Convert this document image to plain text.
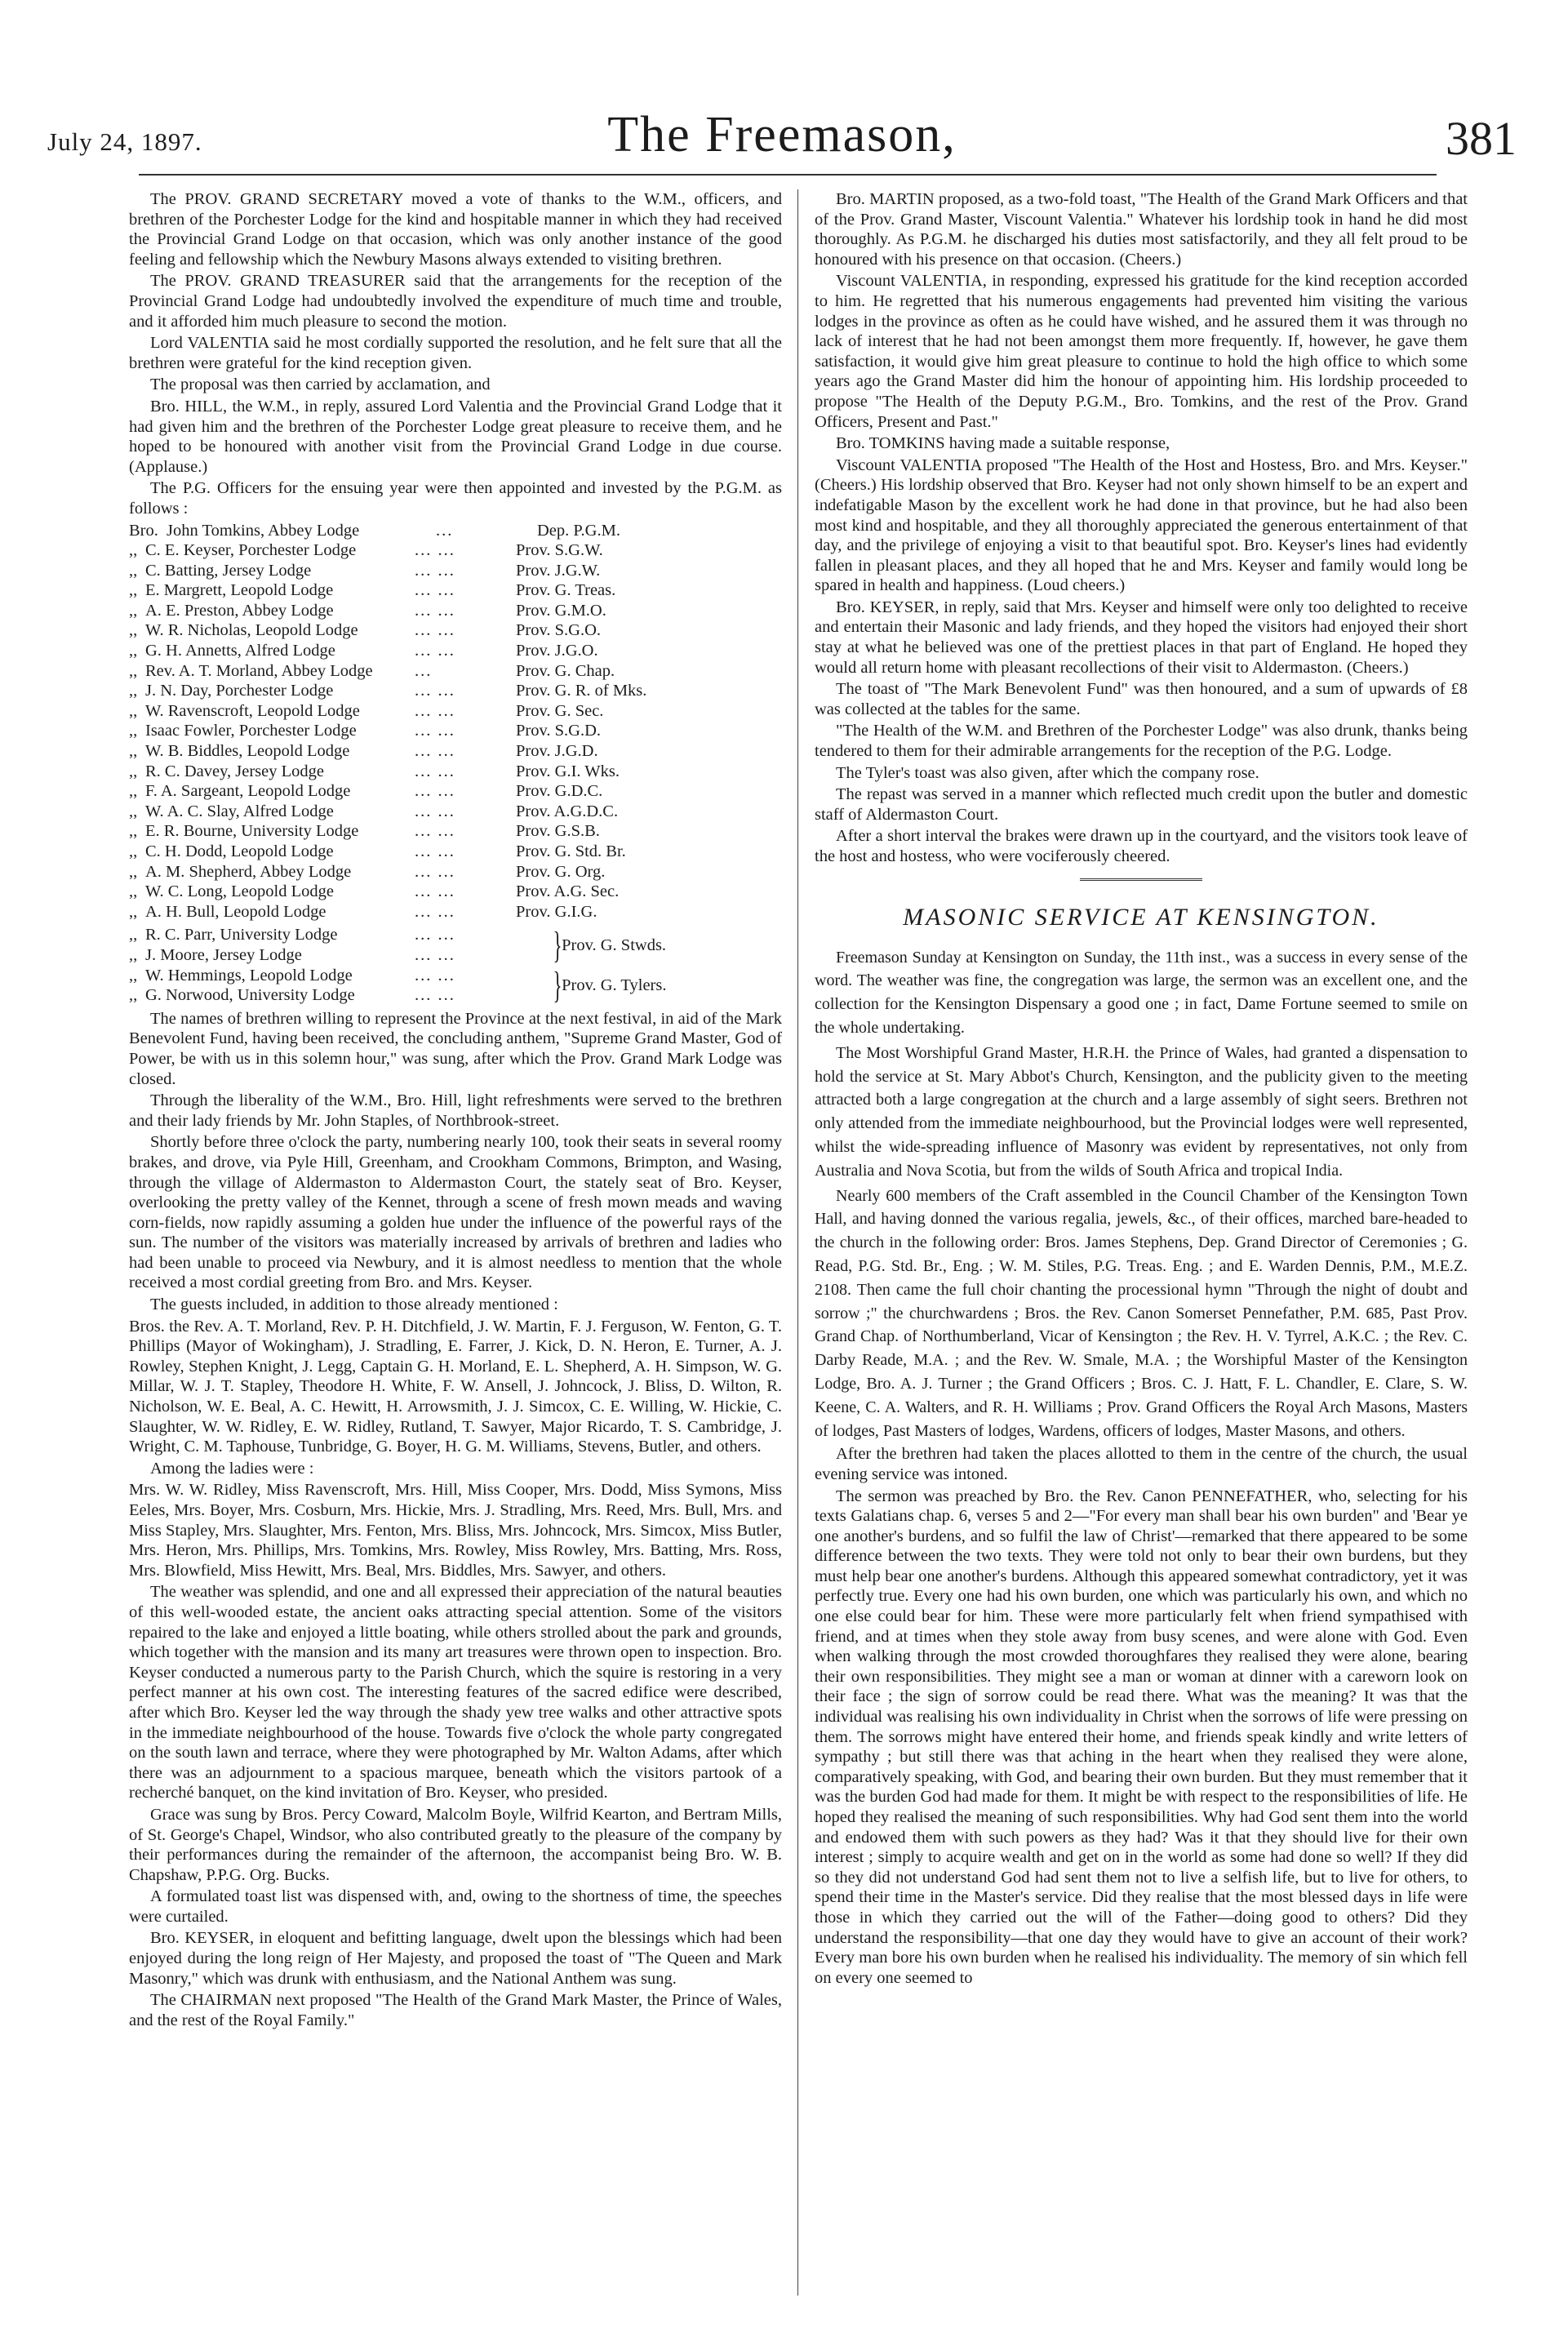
July 24, 1897.	The Freemason,	381

The PROV. GRAND SECRETARY moved a vote of thanks to the W.M., officers, and brethren of the Porchester Lodge for the kind and hospitable manner in which they had received the Provincial Grand Lodge on that occasion, which was only another instance of the good feeling and fellowship which the Newbury Masons always extended to visiting brethren.

The PROV. GRAND TREASURER said that the arrangements for the reception of the Provincial Grand Lodge had undoubtedly involved the expenditure of much time and trouble, and it afforded him much pleasure to second the motion.

Lord VALENTIA said he most cordially supported the resolution, and he felt sure that all the brethren were grateful for the kind reception given.

The proposal was then carried by acclamation, and

Bro. HILL, the W.M., in reply, assured Lord Valentia and the Provincial Grand Lodge that it had given him and the brethren of the Porchester Lodge great pleasure to receive them, and he hoped to be honoured with another visit from the Provincial Grand Lodge in due course. (Applause.)

The P.G. Officers for the ensuing year were then appointed and invested by the P.G.M. as follows :

Bro. John Tomkins, Abbey Lodge	...	Dep. P.G.M.
,, C. E. Keyser, Porchester Lodge	... ...	Prov. S.G.W.
,, C. Batting, Jersey Lodge	... ...	Prov. J.G.W.
,, E. Margrett, Leopold Lodge	... ...	Prov. G. Treas.
,, A. E. Preston, Abbey Lodge	... ...	Prov. G.M.O.
,, W. R. Nicholas, Leopold Lodge	... ...	Prov. S.G.O.
,, G. H. Annetts, Alfred Lodge	... ...	Prov. J.G.O.
,, Rev. A. T. Morland, Abbey Lodge	...	Prov. G. Chap.
,, J. N. Day, Porchester Lodge	... ...	Prov. G. R. of Mks.
,, W. Ravenscroft, Leopold Lodge	... ...	Prov. G. Sec.
,, Isaac Fowler, Porchester Lodge	... ...	Prov. S.G.D.
,, W. B. Biddles, Leopold Lodge	... ...	Prov. J.G.D.
,, R. C. Davey, Jersey Lodge	... ...	Prov. G.I. Wks.
,, F. A. Sargeant, Leopold Lodge	... ...	Prov. G.D.C.
,, W. A. C. Slay, Alfred Lodge	... ...	Prov. A.G.D.C.
,, E. R. Bourne, University Lodge	... ...	Prov. G.S.B.
,, C. H. Dodd, Leopold Lodge	... ...	Prov. G. Std. Br.
,, A. M. Shepherd, Abbey Lodge	... ...	Prov. G. Org.
,, W. C. Long, Leopold Lodge	... ...	Prov. A.G. Sec.
,, A. H. Bull, Leopold Lodge	... ...	Prov. G.I.G.
,, R. C. Parr, University Lodge	... ...
,, J. Moore, Jersey Lodge	... ...	} Prov. G. Stwds.
,, W. Hemmings, Leopold Lodge	... ...
,, G. Norwood, University Lodge	... ...	} Prov. G. Tylers.

The names of brethren willing to represent the Province at the next festival, in aid of the Mark Benevolent Fund, having been received, the concluding anthem, "Supreme Grand Master, God of Power, be with us in this solemn hour," was sung, after which the Prov. Grand Mark Lodge was closed.

Through the liberality of the W.M., Bro. Hill, light refreshments were served to the brethren and their lady friends by Mr. John Staples, of Northbrook-street.

Shortly before three o'clock the party, numbering nearly 100, took their seats in several roomy brakes, and drove, via Pyle Hill, Greenham, and Crookham Commons, Brimpton, and Wasing, through the village of Aldermaston to Aldermaston Court, the stately seat of Bro. Keyser, overlooking the pretty valley of the Kennet, through a scene of fresh mown meads and waving corn-fields, now rapidly assuming a golden hue under the influence of the powerful rays of the sun. The number of the visitors was materially increased by arrivals of brethren and ladies who had been unable to proceed via Newbury, and it is almost needless to mention that the whole received a most cordial greeting from Bro. and Mrs. Keyser.

The guests included, in addition to those already mentioned :

Bros. the Rev. A. T. Morland, Rev. P. H. Ditchfield, J. W. Martin, F. J. Ferguson, W. Fenton, G. T. Phillips (Mayor of Wokingham), J. Stradling, E. Farrer, J. Kick, D. N. Heron, E. Turner, A. J. Rowley, Stephen Knight, J. Legg, Captain G. H. Morland, E. L. Shepherd, A. H. Simpson, W. G. Millar, W. J. T. Stapley, Theodore H. White, F. W. Ansell, J. Johncock, J. Bliss, D. Wilton, R. Nicholson, W. E. Beal, A. C. Hewitt, H. Arrowsmith, J. J. Simcox, C. E. Willing, W. Hickie, C. Slaughter, W. W. Ridley, E. W. Ridley, Rutland, T. Sawyer, Major Ricardo, T. S. Cambridge, J. Wright, C. M. Taphouse, Tunbridge, G. Boyer, H. G. M. Williams, Stevens, Butler, and others.

Among the ladies were :

Mrs. W. W. Ridley, Miss Ravenscroft, Mrs. Hill, Miss Cooper, Mrs. Dodd, Miss Symons, Miss Eeles, Mrs. Boyer, Mrs. Cosburn, Mrs. Hickie, Mrs. J. Stradling, Mrs. Reed, Mrs. Bull, Mrs. and Miss Stapley, Mrs. Slaughter, Mrs. Fenton, Mrs. Bliss, Mrs. Johncock, Mrs. Simcox, Miss Butler, Mrs. Heron, Mrs. Phillips, Mrs. Tomkins, Mrs. Rowley, Miss Rowley, Mrs. Batting, Mrs. Ross, Mrs. Blowfield, Miss Hewitt, Mrs. Beal, Mrs. Biddles, Mrs. Sawyer, and others.

The weather was splendid, and one and all expressed their appreciation of the natural beauties of this well-wooded estate, the ancient oaks attracting special attention. Some of the visitors repaired to the lake and enjoyed a little boating, while others strolled about the park and grounds, which together with the mansion and its many art treasures were thrown open to inspection. Bro. Keyser conducted a numerous party to the Parish Church, which the squire is restoring in a very perfect manner at his own cost. The interesting features of the sacred edifice were described, after which Bro. Keyser led the way through the shady yew tree walks and other attractive spots in the immediate neighbourhood of the house. Towards five o'clock the whole party congregated on the south lawn and terrace, where they were photographed by Mr. Walton Adams, after which there was an adjournment to a spacious marquee, beneath which the visitors partook of a recherché banquet, on the kind invitation of Bro. Keyser, who presided.

Grace was sung by Bros. Percy Coward, Malcolm Boyle, Wilfrid Kearton, and Bertram Mills, of St. George's Chapel, Windsor, who also contributed greatly to the pleasure of the company by their performances during the remainder of the afternoon, the accompanist being Bro. W. B. Chapshaw, P.P.G. Org. Bucks.

A formulated toast list was dispensed with, and, owing to the shortness of time, the speeches were curtailed.

Bro. KEYSER, in eloquent and befitting language, dwelt upon the blessings which had been enjoyed during the long reign of Her Majesty, and proposed the toast of "The Queen and Mark Masonry," which was drunk with enthusiasm, and the National Anthem was sung.

The CHAIRMAN next proposed "The Health of the Grand Mark Master, the Prince of Wales, and the rest of the Royal Family."

Bro. MARTIN proposed, as a two-fold toast, "The Health of the Grand Mark Officers and that of the Prov. Grand Master, Viscount Valentia." Whatever his lordship took in hand he did most thoroughly. As P.G.M. he discharged his duties most satisfactorily, and they all felt proud to be honoured with his presence on that occasion. (Cheers.)

Viscount VALENTIA, in responding, expressed his gratitude for the kind reception accorded to him. He regretted that his numerous engagements had prevented him visiting the various lodges in the province as often as he could have wished, and he assured them it was through no lack of interest that he had not been amongst them more frequently. If, however, he gave them satisfaction, it would give him great pleasure to continue to hold the high office to which some years ago the Grand Master did him the honour of appointing him. His lordship proceeded to propose "The Health of the Deputy P.G.M., Bro. Tomkins, and the rest of the Prov. Grand Officers, Present and Past."

Bro. TOMKINS having made a suitable response,

Viscount VALENTIA proposed "The Health of the Host and Hostess, Bro. and Mrs. Keyser." (Cheers.) His lordship observed that Bro. Keyser had not only shown himself to be an expert and indefatigable Mason by the excellent work he had done in that province, but he had also been most kind and hospitable, and they all thoroughly appreciated the generous entertainment of that day, and the privilege of enjoying a visit to that beautiful spot. Bro. Keyser's lines had evidently fallen in pleasant places, and they all hoped that he and Mrs. Keyser and family would long be spared in health and happiness. (Loud cheers.)

Bro. KEYSER, in reply, said that Mrs. Keyser and himself were only too delighted to receive and entertain their Masonic and lady friends, and they hoped the visitors had enjoyed their short stay at what he believed was one of the prettiest places in that part of England. He hoped they would all return home with pleasant recollections of their visit to Aldermaston. (Cheers.)

The toast of "The Mark Benevolent Fund" was then honoured, and a sum of upwards of £8 was collected at the tables for the same.

"The Health of the W.M. and Brethren of the Porchester Lodge" was also drunk, thanks being tendered to them for their admirable arrangements for the reception of the P.G. Lodge.

The Tyler's toast was also given, after which the company rose.

The repast was served in a manner which reflected much credit upon the butler and domestic staff of Aldermaston Court.

After a short interval the brakes were drawn up in the courtyard, and the visitors took leave of the host and hostess, who were vociferously cheered.

MASONIC SERVICE AT KENSINGTON.

Freemason Sunday at Kensington on Sunday, the 11th inst., was a success in every sense of the word. The weather was fine, the congregation was large, the sermon was an excellent one, and the collection for the Kensington Dispensary a good one ; in fact, Dame Fortune seemed to smile on the whole undertaking.

The Most Worshipful Grand Master, H.R.H. the Prince of Wales, had granted a dispensation to hold the service at St. Mary Abbot's Church, Kensington, and the publicity given to the meeting attracted both a large congregation at the church and a large assembly of sight seers. Brethren not only attended from the immediate neighbourhood, but the Provincial lodges were well represented, whilst the wide-spreading influence of Masonry was evident by representatives, not only from Australia and Nova Scotia, but from the wilds of South Africa and tropical India.

Nearly 600 members of the Craft assembled in the Council Chamber of the Kensington Town Hall, and having donned the various regalia, jewels, &c., of their offices, marched bare-headed to the church in the following order: Bros. James Stephens, Dep. Grand Director of Ceremonies ; G. Read, P.G. Std. Br., Eng. ; W. M. Stiles, P.G. Treas. Eng. ; and E. Warden Dennis, P.M., M.E.Z. 2108. Then came the full choir chanting the processional hymn "Through the night of doubt and sorrow ;" the churchwardens ; Bros. the Rev. Canon Somerset Pennefather, P.M. 685, Past Prov. Grand Chap. of Northumberland, Vicar of Kensington ; the Rev. H. V. Tyrrel, A.K.C. ; the Rev. C. Darby Reade, M.A. ; and the Rev. W. Smale, M.A. ; the Worshipful Master of the Kensington Lodge, Bro. A. J. Turner ; the Grand Officers ; Bros. C. J. Hatt, F. L. Chandler, E. Clare, S. W. Keene, C. A. Walters, and R. H. Williams ; Prov. Grand Officers the Royal Arch Masons, Masters of lodges, Past Masters of lodges, Wardens, officers of lodges, Master Masons, and others.

After the brethren had taken the places allotted to them in the centre of the church, the usual evening service was intoned.

The sermon was preached by Bro. the Rev. Canon PENNEFATHER, who, selecting for his texts Galatians chap. 6, verses 5 and 2—"For every man shall bear his own burden" and 'Bear ye one another's burdens, and so fulfil the law of Christ'—remarked that there appeared to be some difference between the two texts. They were told not only to bear their own burdens, but they must help bear one another's burdens. Although this appeared somewhat contradictory, yet it was perfectly true. Every one had his own burden, one which was particularly his own, and which no one else could bear for him. These were more particularly felt when friend sympathised with friend, and at times when they stole away from busy scenes, and were alone with God. Even when walking through the most crowded thoroughfares they realised they were alone, bearing their own responsibilities. They might see a man or woman at dinner with a careworn look on their face ; the sign of sorrow could be read there. What was the meaning? It was that the individual was realising his own individuality in Christ when the sorrows of life were pressing on them. The sorrows might have entered their home, and friends speak kindly and write letters of sympathy ; but still there was that aching in the heart when they realised they were alone, comparatively speaking, with God, and bearing their own burden. But they must remember that it was the burden God had made for them. It might be with respect to the responsibilities of life. He hoped they realised the meaning of such responsibilities. Why had God sent them into the world and endowed them with such powers as they had? Was it that they should live for their own interest ; simply to acquire wealth and get on in the world as some had done so well? If they did so they did not understand God had sent them not to live a selfish life, but to live for others, to spend their time in the Master's service. Did they realise that the most blessed days in life were those in which they carried out the will of the Father—doing good to others? Did they understand the responsibility—that one day they would have to give an account of their work? Every man bore his own burden when he realised his individuality. The memory of sin which fell on every one seemed to
